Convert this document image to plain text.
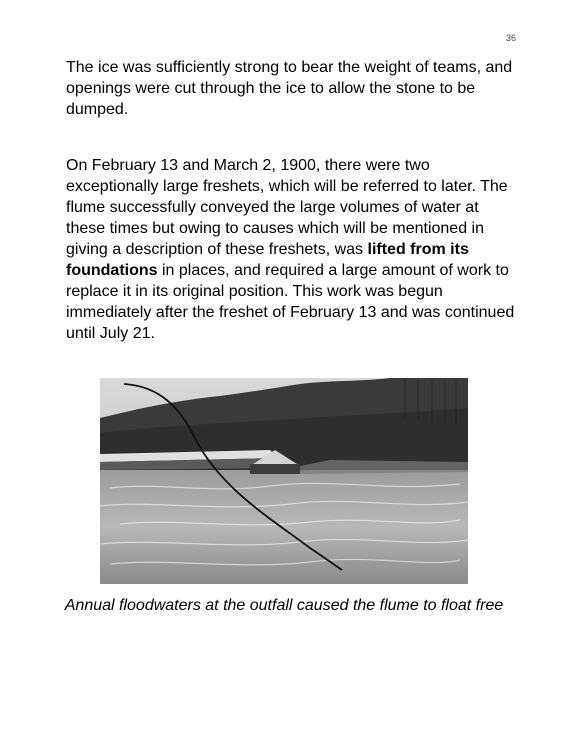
36

The ice was sufficiently strong to bear the weight of teams, and openings were cut through the ice to allow the stone to be dumped.

On February 13 and March 2, 1900, there were two exceptionally large freshets, which will be referred to later. The flume successfully conveyed the large volumes of water at these times but owing to causes which will be mentioned in giving a description of these freshets, was lifted from its foundations in places, and required a large amount of work to replace it in its original position. This work was begun immediately after the freshet of February 13 and was continued until July 21.

Annual floodwaters at the outfall caused the flume to float free
